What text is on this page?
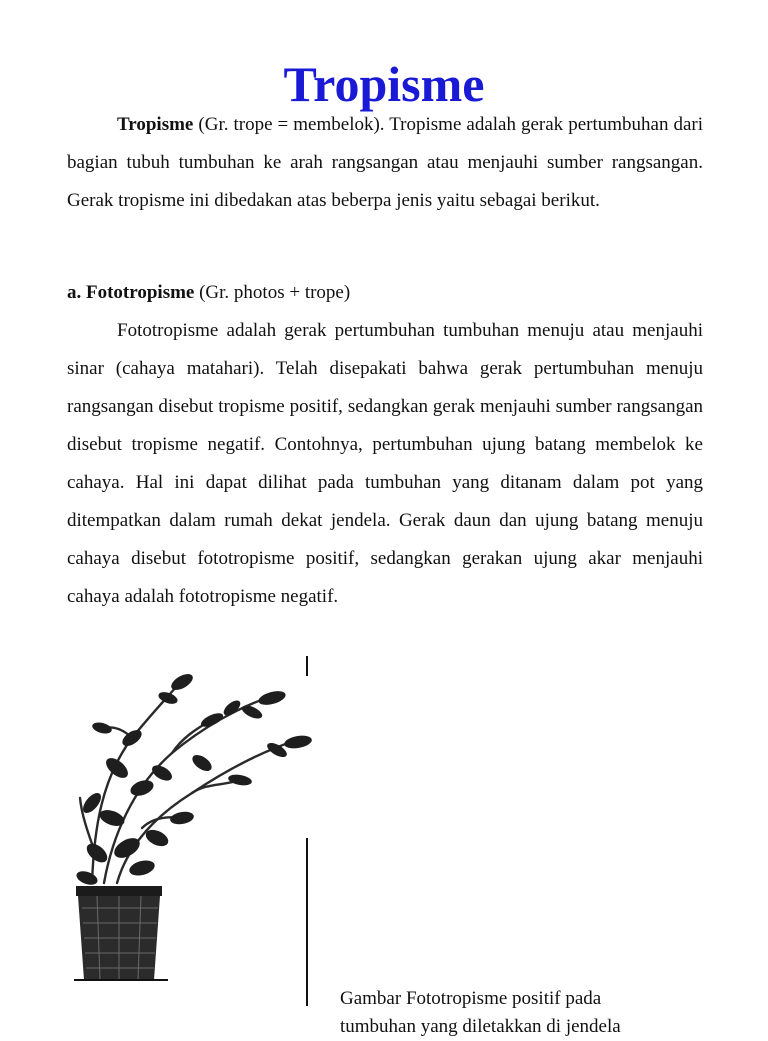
Tropisme
Tropisme (Gr. trope = membelok). Tropisme adalah gerak pertumbuhan dari bagian tubuh tumbuhan ke arah rangsangan atau menjauhi sumber rangsangan. Gerak tropisme ini dibedakan atas beberpa jenis yaitu sebagai berikut.
a. Fototropisme (Gr. photos + trope)
Fototropisme adalah gerak pertumbuhan tumbuhan menuju atau menjauhi sinar (cahaya matahari). Telah disepakati bahwa gerak pertumbuhan menuju rangsangan disebut tropisme positif, sedangkan gerak menjauhi sumber rangsangan disebut tropisme negatif. Contohnya, pertumbuhan ujung batang membelok ke cahaya. Hal ini dapat dilihat pada tumbuhan yang ditanam dalam pot yang ditempatkan dalam rumah dekat jendela. Gerak daun dan ujung batang menuju cahaya disebut fototropisme positif, sedangkan gerakan ujung akar menjauhi cahaya adalah fototropisme negatif.
Gambar Fototropisme positif pada tumbuhan yang diletakkan di jendela
